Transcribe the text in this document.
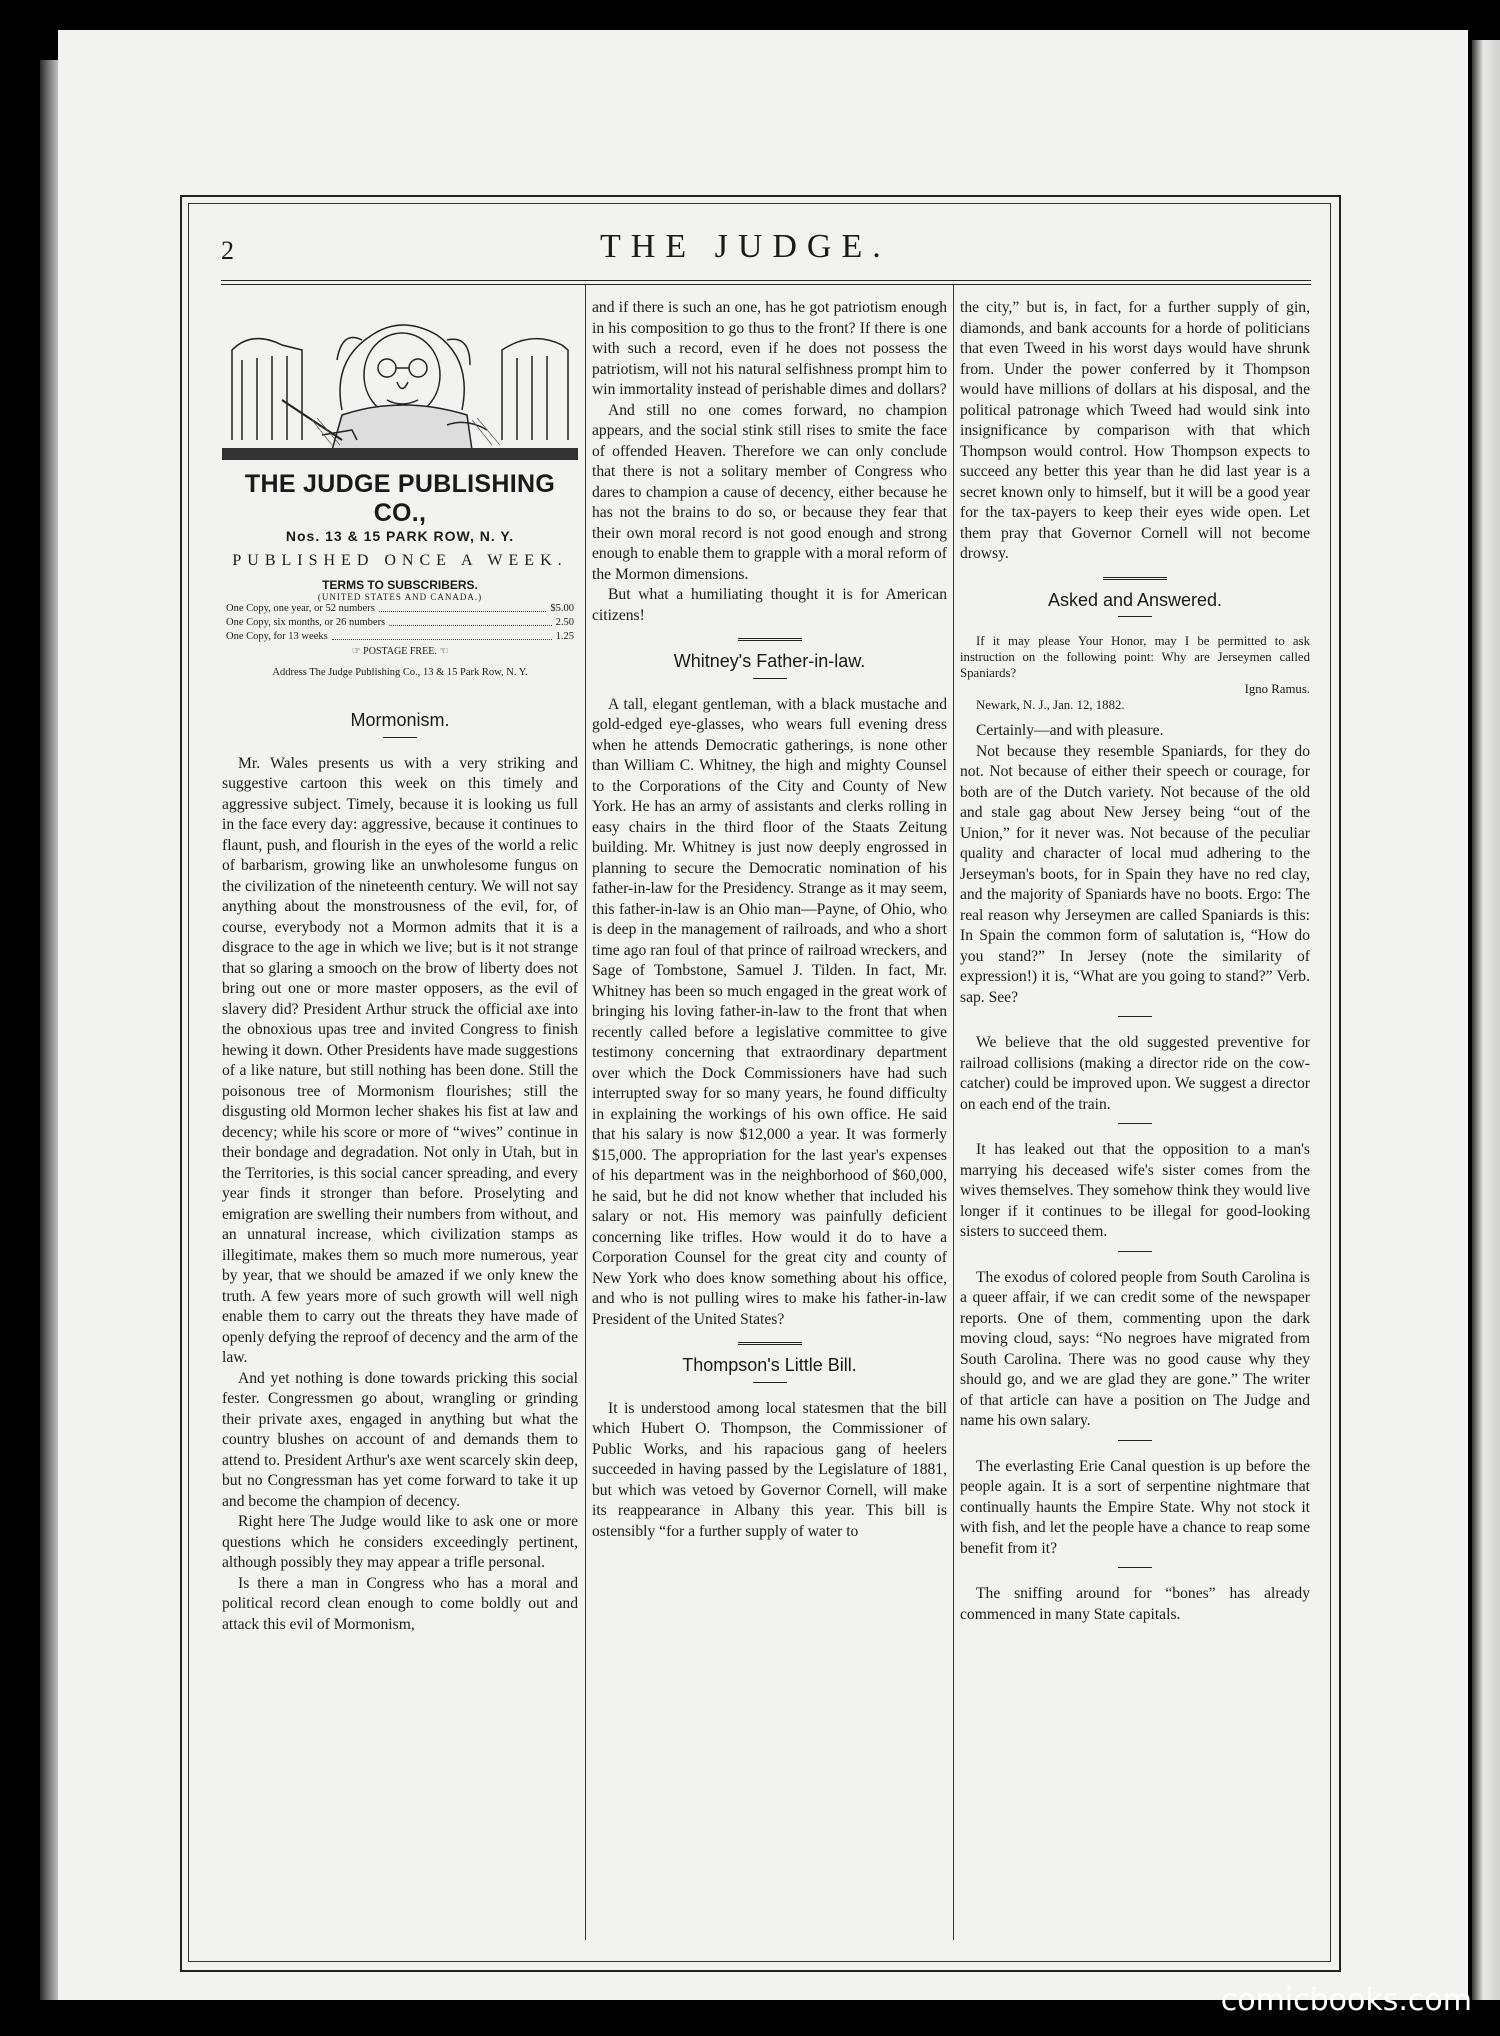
2	THE JUDGE.
THE JUDGE PUBLISHING CO.,
Nos. 13 & 15 PARK ROW, N. Y.
PUBLISHED ONCE A WEEK.
TERMS TO SUBSCRIBERS.
(UNITED STATES AND CANADA.)
One Copy, one year, or 52 numbers	$5.00
One Copy, six months, or 26 numbers	2.50
One Copy, for 13 weeks	1.25
☞ POSTAGE FREE. ☜
Address The Judge Publishing Co., 13 & 15 Park Row, N. Y.
Mormonism.

Mr. Wales presents us with a very striking and suggestive cartoon this week on this timely and aggressive subject. Timely, because it is looking us full in the face every day: aggressive, because it continues to flaunt, push, and flourish in the eyes of the world a relic of barbarism, growing like an unwholesome fungus on the civilization of the nineteenth century. We will not say anything about the monstrousness of the evil, for, of course, everybody not a Mormon admits that it is a disgrace to the age in which we live; but is it not strange that so glaring a smooch on the brow of liberty does not bring out one or more master opposers, as the evil of slavery did? President Arthur struck the official axe into the obnoxious upas tree and invited Congress to finish hewing it down. Other Presidents have made suggestions of a like nature, but still nothing has been done. Still the poisonous tree of Mormonism flourishes; still the disgusting old Mormon lecher shakes his fist at law and decency; while his score or more of “wives” continue in their bondage and degradation. Not only in Utah, but in the Territories, is this social cancer spreading, and every year finds it stronger than before. Proselyting and emigration are swelling their numbers from without, and an unnatural increase, which civilization stamps as illegitimate, makes them so much more numerous, year by year, that we should be amazed if we only knew the truth. A few years more of such growth will well nigh enable them to carry out the threats they have made of openly defying the reproof of decency and the arm of the law.

And yet nothing is done towards pricking this social fester. Congressmen go about, wrangling or grinding their private axes, engaged in anything but what the country blushes on account of and demands them to attend to. President Arthur's axe went scarcely skin deep, but no Congressman has yet come forward to take it up and become the champion of decency.

Right here The Judge would like to ask one or more questions which he considers exceedingly pertinent, although possibly they may appear a trifle personal.

Is there a man in Congress who has a moral and political record clean enough to come boldly out and attack this evil of Mormonism,

and if there is such an one, has he got patriotism enough in his composition to go thus to the front? If there is one with such a record, even if he does not possess the patriotism, will not his natural selfishness prompt him to win immortality instead of perishable dimes and dollars?

And still no one comes forward, no champion appears, and the social stink still rises to smite the face of offended Heaven. Therefore we can only conclude that there is not a solitary member of Congress who dares to champion a cause of decency, either because he has not the brains to do so, or because they fear that their own moral record is not good enough and strong enough to enable them to grapple with a moral reform of the Mormon dimensions.

But what a humiliating thought it is for American citizens!

Whitney's Father-in-law.

A tall, elegant gentleman, with a black mustache and gold-edged eye-glasses, who wears full evening dress when he attends Democratic gatherings, is none other than William C. Whitney, the high and mighty Counsel to the Corporations of the City and County of New York. He has an army of assistants and clerks rolling in easy chairs in the third floor of the Staats Zeitung building. Mr. Whitney is just now deeply engrossed in planning to secure the Democratic nomination of his father-in-law for the Presidency. Strange as it may seem, this father-in-law is an Ohio man—Payne, of Ohio, who is deep in the management of railroads, and who a short time ago ran foul of that prince of railroad wreckers, and Sage of Tombstone, Samuel J. Tilden. In fact, Mr. Whitney has been so much engaged in the great work of bringing his loving father-in-law to the front that when recently called before a legislative committee to give testimony concerning that extraordinary department over which the Dock Commissioners have had such interrupted sway for so many years, he found difficulty in explaining the workings of his own office. He said that his salary is now $12,000 a year. It was formerly $15,000. The appropriation for the last year's expenses of his department was in the neighborhood of $60,000, he said, but he did not know whether that included his salary or not. His memory was painfully deficient concerning like trifles. How would it do to have a Corporation Counsel for the great city and county of New York who does know something about his office, and who is not pulling wires to make his father-in-law President of the United States?

Thompson's Little Bill.

It is understood among local statesmen that the bill which Hubert O. Thompson, the Commissioner of Public Works, and his rapacious gang of heelers succeeded in having passed by the Legislature of 1881, but which was vetoed by Governor Cornell, will make its reappearance in Albany this year. This bill is ostensibly “for a further supply of water to

the city,” but is, in fact, for a further supply of gin, diamonds, and bank accounts for a horde of politicians that even Tweed in his worst days would have shrunk from. Under the power conferred by it Thompson would have millions of dollars at his disposal, and the political patronage which Tweed had would sink into insignificance by comparison with that which Thompson would control. How Thompson expects to succeed any better this year than he did last year is a secret known only to himself, but it will be a good year for the tax-payers to keep their eyes wide open. Let them pray that Governor Cornell will not become drowsy.

Asked and Answered.

If it may please Your Honor, may I be permitted to ask instruction on the following point: Why are Jerseymen called Spaniards?

Igno Ramus.

Newark, N. J., Jan. 12, 1882.

Certainly—and with pleasure.

Not because they resemble Spaniards, for they do not. Not because of either their speech or courage, for both are of the Dutch variety. Not because of the old and stale gag about New Jersey being “out of the Union,” for it never was. Not because of the peculiar quality and character of local mud adhering to the Jerseyman's boots, for in Spain they have no red clay, and the majority of Spaniards have no boots. Ergo: The real reason why Jerseymen are called Spaniards is this: In Spain the common form of salutation is, “How do you stand?” In Jersey (note the similarity of expression!) it is, “What are you going to stand?” Verb. sap. See?

We believe that the old suggested preventive for railroad collisions (making a director ride on the cow-catcher) could be improved upon. We suggest a director on each end of the train.

It has leaked out that the opposition to a man's marrying his deceased wife's sister comes from the wives themselves. They somehow think they would live longer if it continues to be illegal for good-looking sisters to succeed them.

The exodus of colored people from South Carolina is a queer affair, if we can credit some of the newspaper reports. One of them, commenting upon the dark moving cloud, says: “No negroes have migrated from South Carolina. There was no good cause why they should go, and we are glad they are gone.” The writer of that article can have a position on The Judge and name his own salary.

The everlasting Erie Canal question is up before the people again. It is a sort of serpentine nightmare that continually haunts the Empire State. Why not stock it with fish, and let the people have a chance to reap some benefit from it?

The sniffing around for “bones” has already commenced in many State capitals.

comicbooks.com
